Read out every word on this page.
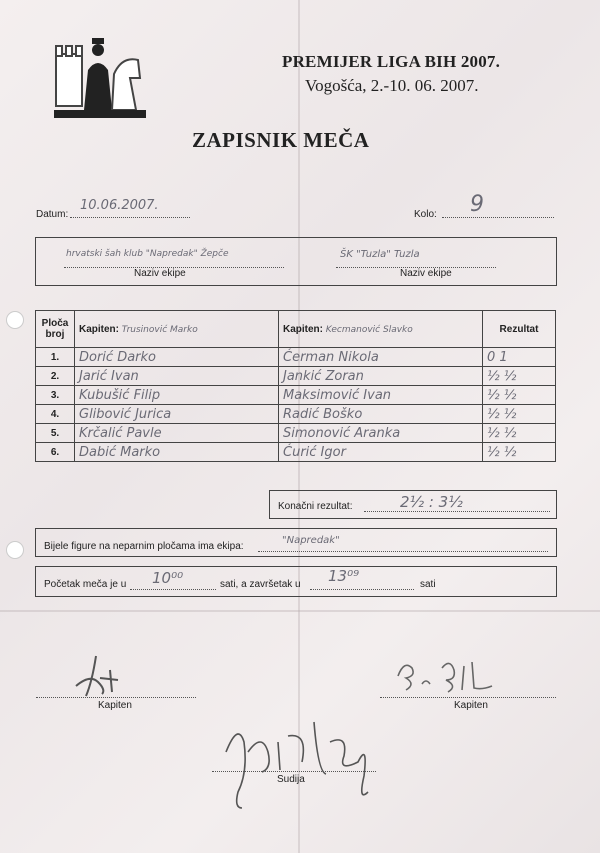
PREMIJER LIGA BIH 2007.
Vogošća, 2.-10. 06. 2007.
ZAPISNIK MEČA
Datum:
10.06.2007.
Kolo: 9
hrvatski šah klub "Napredak" Žepče
Naziv ekipe
ŠK "Tuzla" Tuzla
Naziv ekipe
Ploča broj	Kapiten: Trusinović Marko	Kapiten: Kecmanović Slavko	Rezultat
1.	Dorić Darko	Ćerman Nikola	0 1
2.	Jarić Ivan	Jankić Zoran	½ ½
3.	Kubušić Filip	Maksimović Ivan	½ ½
4.	Glibović Jurica	Radić Boško	½ ½
5.	Krčalić Pavle	Simonović Aranka	½ ½
6.	Dabić Marko	Ćurić Igor	½ ½
Konačni rezultat:	2½ : 3½
Bijele figure na neparnim pločama ima ekipa:
"Napredak"
Početak meča je u 10⁰⁰	sati, a završetak u 13⁰⁹	sati
Kapiten	Kapiten
Sudija
